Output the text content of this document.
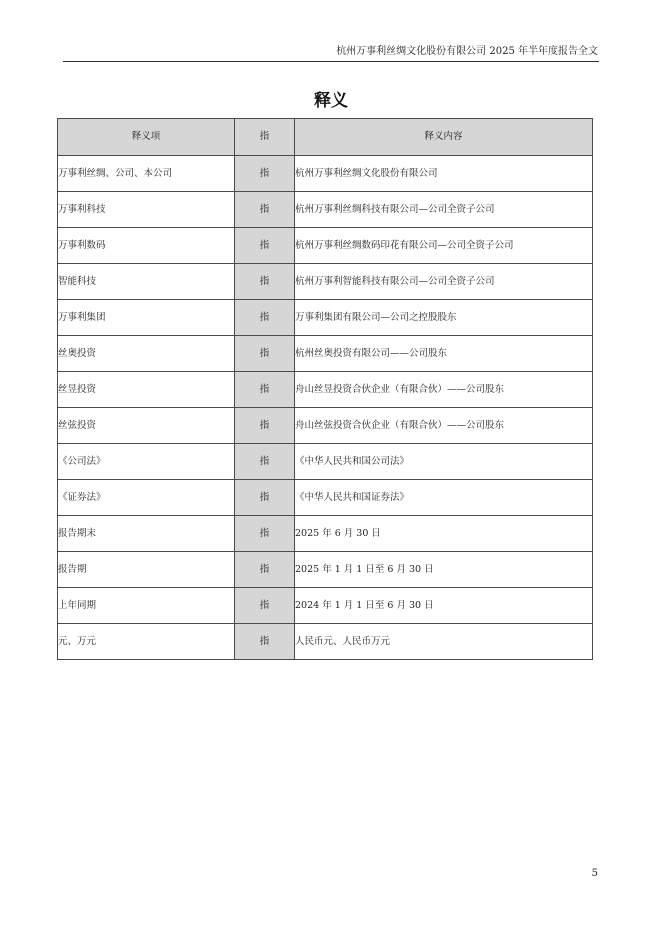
杭州万事利丝绸文化股份有限公司 2025 年半年度报告全文
释义
释义项	指	释义内容
万事利丝绸、公司、本公司	指	杭州万事利丝绸文化股份有限公司
万事利科技	指	杭州万事利丝绸科技有限公司—公司全资子公司
万事利数码	指	杭州万事利丝绸数码印花有限公司—公司全资子公司
智能科技	指	杭州万事利智能科技有限公司—公司全资子公司
万事利集团	指	万事利集团有限公司—公司之控股股东
丝奥投资	指	杭州丝奥投资有限公司——公司股东
丝昱投资	指	舟山丝昱投资合伙企业（有限合伙）——公司股东
丝弦投资	指	舟山丝弦投资合伙企业（有限合伙）——公司股东
《公司法》	指	《中华人民共和国公司法》
《证券法》	指	《中华人民共和国证券法》
报告期末	指	2025 年 6 月 30 日
报告期	指	2025 年 1 月 1 日至 6 月 30 日
上年同期	指	2024 年 1 月 1 日至 6 月 30 日
元、万元	指	人民币元、人民币万元
5
